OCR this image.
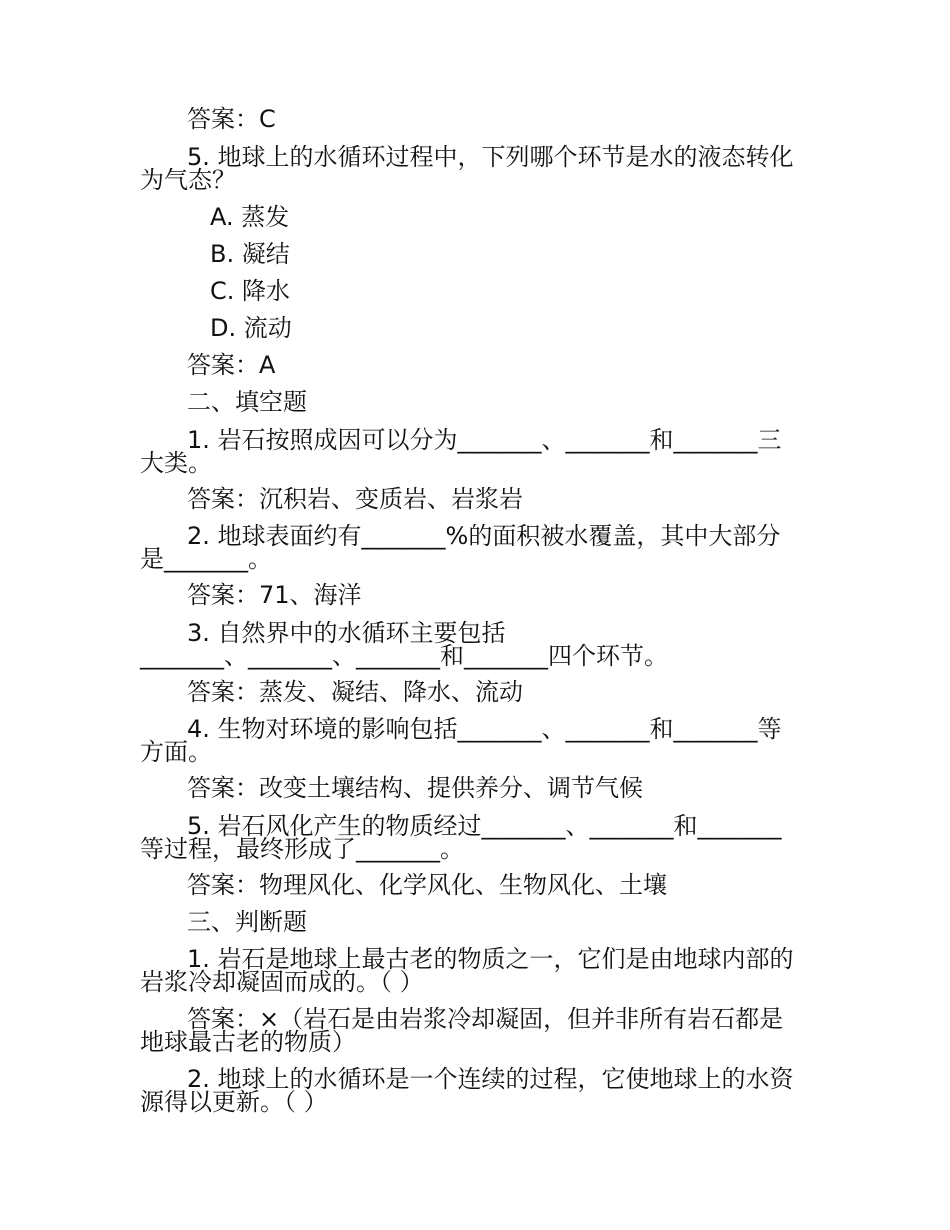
答案：C
5. 地球上的水循环过程中，下列哪个环节是水的液态转化
为气态？
A. 蒸发
B. 凝结
C. 降水
D. 流动
答案：A
二、填空题
1. 岩石按照成因可以分为_______、_______和_______三
大类。
答案：沉积岩、变质岩、岩浆岩
2. 地球表面约有_______%的面积被水覆盖，其中大部分
是_______。
答案：71、海洋
3. 自然界中的水循环主要包括
_______、_______、_______和_______四个环节。
答案：蒸发、凝结、降水、流动
4. 生物对环境的影响包括_______、_______和_______等
方面。
答案：改变土壤结构、提供养分、调节气候
5. 岩石风化产生的物质经过_______、_______和_______
等过程，最终形成了_______。
答案：物理风化、化学风化、生物风化、土壤
三、判断题
1. 岩石是地球上最古老的物质之一，它们是由地球内部的
岩浆冷却凝固而成的。（ ）
答案：×（岩石是由岩浆冷却凝固，但并非所有岩石都是
地球最古老的物质）
2. 地球上的水循环是一个连续的过程，它使地球上的水资
源得以更新。（ ）
